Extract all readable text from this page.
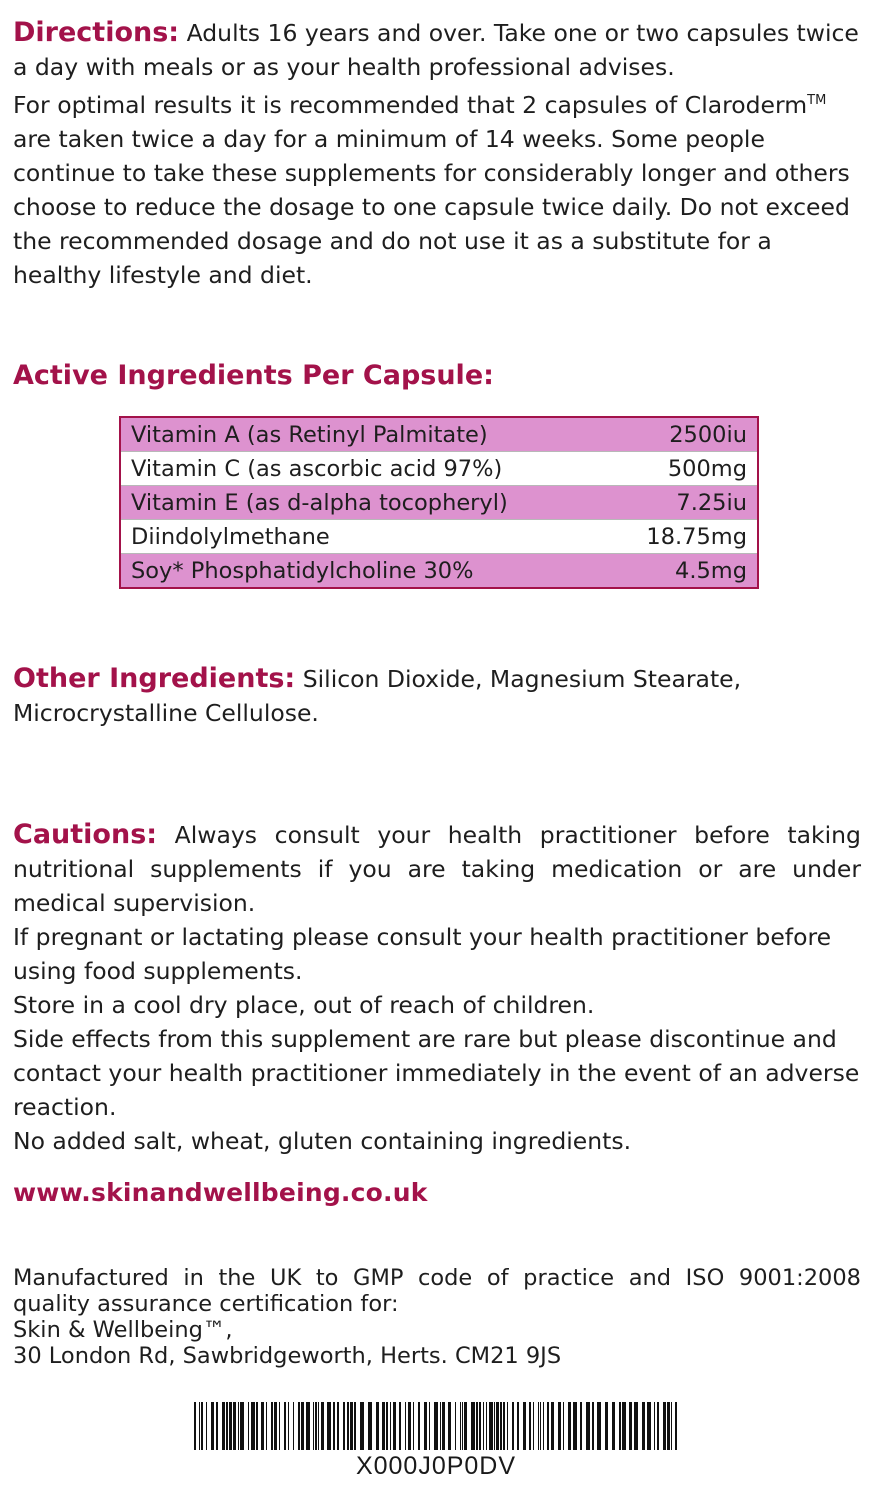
Directions: Adults 16 years and over. Take one or two capsules twice a day with meals or as your health professional advises.
For optimal results it is recommended that 2 capsules of Claroderm™ are taken twice a day for a minimum of 14 weeks. Some people continue to take these supplements for considerably longer and others choose to reduce the dosage to one capsule twice daily. Do not exceed the recommended dosage and do not use it as a substitute for a healthy lifestyle and diet.

Active Ingredients Per Capsule:
Vitamin A (as Retinyl Palmitate)	2500iu
Vitamin C (as ascorbic acid 97%)	500mg
Vitamin E (as d-alpha tocopheryl)	7.25iu
Diindolylmethane	18.75mg
Soy* Phosphatidylcholine 30%	4.5mg

Other Ingredients: Silicon Dioxide, Magnesium Stearate, Microcrystalline Cellulose.

Cautions: Always consult your health practitioner before taking nutritional supplements if you are taking medication or are under medical supervision.

If pregnant or lactating please consult your health practitioner before using food supplements.

Store in a cool dry place, out of reach of children.

Side effects from this supplement are rare but please discontinue and contact your health practitioner immediately in the event of an adverse reaction.

No added salt, wheat, gluten containing ingredients.

www.skinandwellbeing.co.uk

Manufactured in the UK to GMP code of practice and ISO 9001:2008 quality assurance certification for:

Skin & Wellbeing™,

30 London Rd, Sawbridgeworth, Herts. CM21 9JS

X000J0P0DV
